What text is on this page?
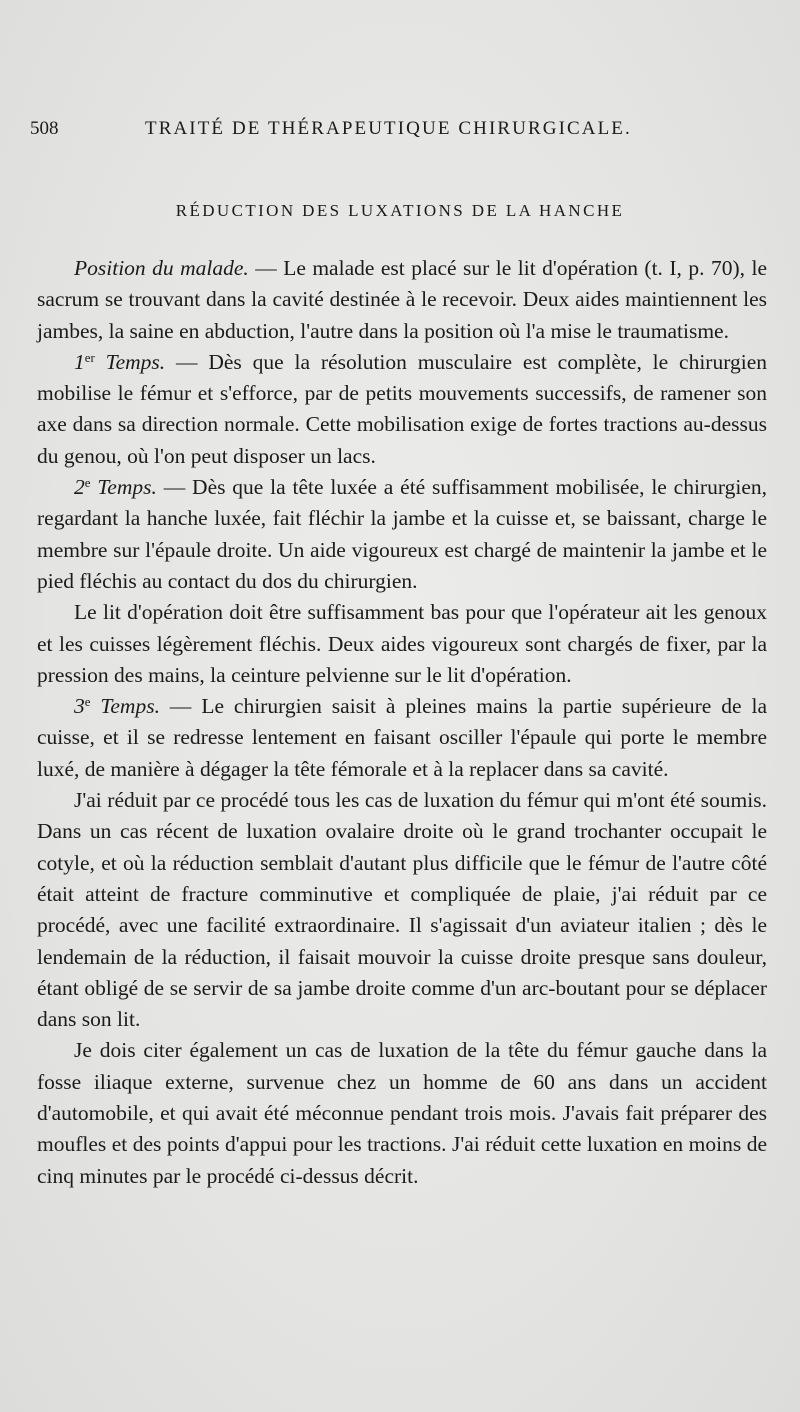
508	TRAITÉ DE THÉRAPEUTIQUE CHIRURGICALE.
RÉDUCTION DES LUXATIONS DE LA HANCHE

Position du malade. — Le malade est placé sur le lit d'opération (t. I, p. 70), le sacrum se trouvant dans la cavité destinée à le recevoir. Deux aides maintiennent les jambes, la saine en abduction, l'autre dans la position où l'a mise le traumatisme.

1er Temps. — Dès que la résolution musculaire est complète, le chirurgien mobilise le fémur et s'efforce, par de petits mouvements successifs, de ramener son axe dans sa direction normale. Cette mobilisation exige de fortes tractions au-dessus du genou, où l'on peut disposer un lacs.

2e Temps. — Dès que la tête luxée a été suffisamment mobilisée, le chirurgien, regardant la hanche luxée, fait fléchir la jambe et la cuisse et, se baissant, charge le membre sur l'épaule droite. Un aide vigoureux est chargé de maintenir la jambe et le pied fléchis au contact du dos du chirurgien.

Le lit d'opération doit être suffisamment bas pour que l'opérateur ait les genoux et les cuisses légèrement fléchis. Deux aides vigoureux sont chargés de fixer, par la pression des mains, la ceinture pelvienne sur le lit d'opération.

3e Temps. — Le chirurgien saisit à pleines mains la partie supérieure de la cuisse, et il se redresse lentement en faisant osciller l'épaule qui porte le membre luxé, de manière à dégager la tête fémorale et à la replacer dans sa cavité.

J'ai réduit par ce procédé tous les cas de luxation du fémur qui m'ont été soumis. Dans un cas récent de luxation ovalaire droite où le grand trochanter occupait le cotyle, et où la réduction semblait d'autant plus difficile que le fémur de l'autre côté était atteint de fracture comminutive et compliquée de plaie, j'ai réduit par ce procédé, avec une facilité extraordinaire. Il s'agissait d'un aviateur italien ; dès le lendemain de la réduction, il faisait mouvoir la cuisse droite presque sans douleur, étant obligé de se servir de sa jambe droite comme d'un arc-boutant pour se déplacer dans son lit.

Je dois citer également un cas de luxation de la tête du fémur gauche dans la fosse iliaque externe, survenue chez un homme de 60 ans dans un accident d'automobile, et qui avait été méconnue pendant trois mois. J'avais fait préparer des moufles et des points d'appui pour les tractions. J'ai réduit cette luxation en moins de cinq minutes par le procédé ci-dessus décrit.
